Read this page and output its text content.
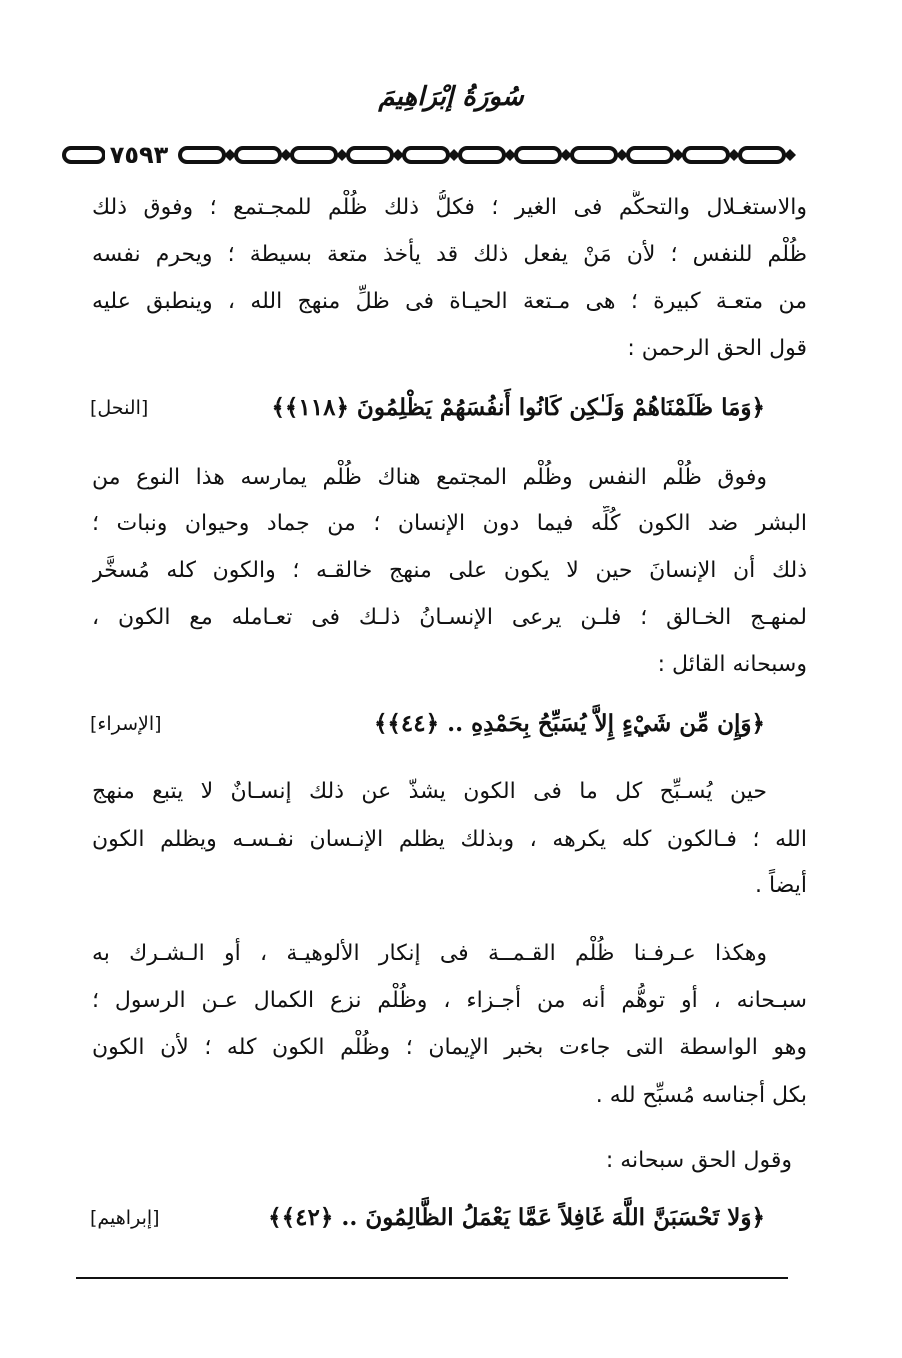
سُورَةُ إبْرَاهِيمَ
٧٥٩٣
والاستغـلال والتحكُّم فى الغير ؛ فكلُّ ذلك ظُلْم للمجـتمع ؛ وفوق ذلك
ظُلْم للنفس ؛ لأن مَنْ يفعل ذلك قد يأخذ متعة بسيطة ؛ ويحرم نفسه
من متعـة كبيرة ؛ هى مـتعة الحيـاة فى ظلِّ منهج الله ، وينطبق عليه
قول الحق الرحمن :
﴿وَمَا ظَلَمْنَاهُمْ وَلَـٰكِن كَانُوا أَنفُسَهُمْ يَظْلِمُونَ ﴿١١٨﴾﴾
[النحل]
وفوق ظُلْم النفس وظُلْم المجتمع هناك ظُلْم يمارسه هذا النوع من
البشر ضد الكون كُلِّه فيما دون الإنسان ؛ من جماد وحيوان ونبات ؛
ذلك أن الإنسانَ حين لا يكون على منهج خالقـه ؛ والكون كله مُسخَّر
لمنهـج الخـالق ؛ فلـن يرعى الإنسـانُ ذلـك فى تعـامله مع الكون ،
وسبحانه القائل :
﴿وَإِن مِّن شَيْءٍ إِلاَّ يُسَبِّحُ بِحَمْدِهِ .. ﴿٤٤﴾﴾
[الإسراء]
حين يُسـبِّح كل ما فى الكون يشذّ عن ذلك إنسـانٌ لا يتبع منهج
الله ؛ فـالكون كله يكرهه ، وبذلك يظلم الإنـسان نفـسـه ويظلم الكون
أيضاً .
وهكذا عـرفـنا ظُلْم القـمــة فى إنكار الألوهيـة ، أو الـشـرك به
سبـحانه ، أو توهُّم أنه من أجـزاء ، وظُلْم نزع الكمال عـن الرسول ؛
وهو الواسطة التى جاءت بخبر الإيمان ؛ وظُلْم الكون كله ؛ لأن الكون
بكل أجناسه مُسبِّح لله .
وقول الحق سبحانه :
﴿وَلا تَحْسَبَنَّ اللَّهَ غَافِلاً عَمَّا يَعْمَلُ الظَّالِمُونَ .. ﴿٤٢﴾﴾
[إبراهيم]
